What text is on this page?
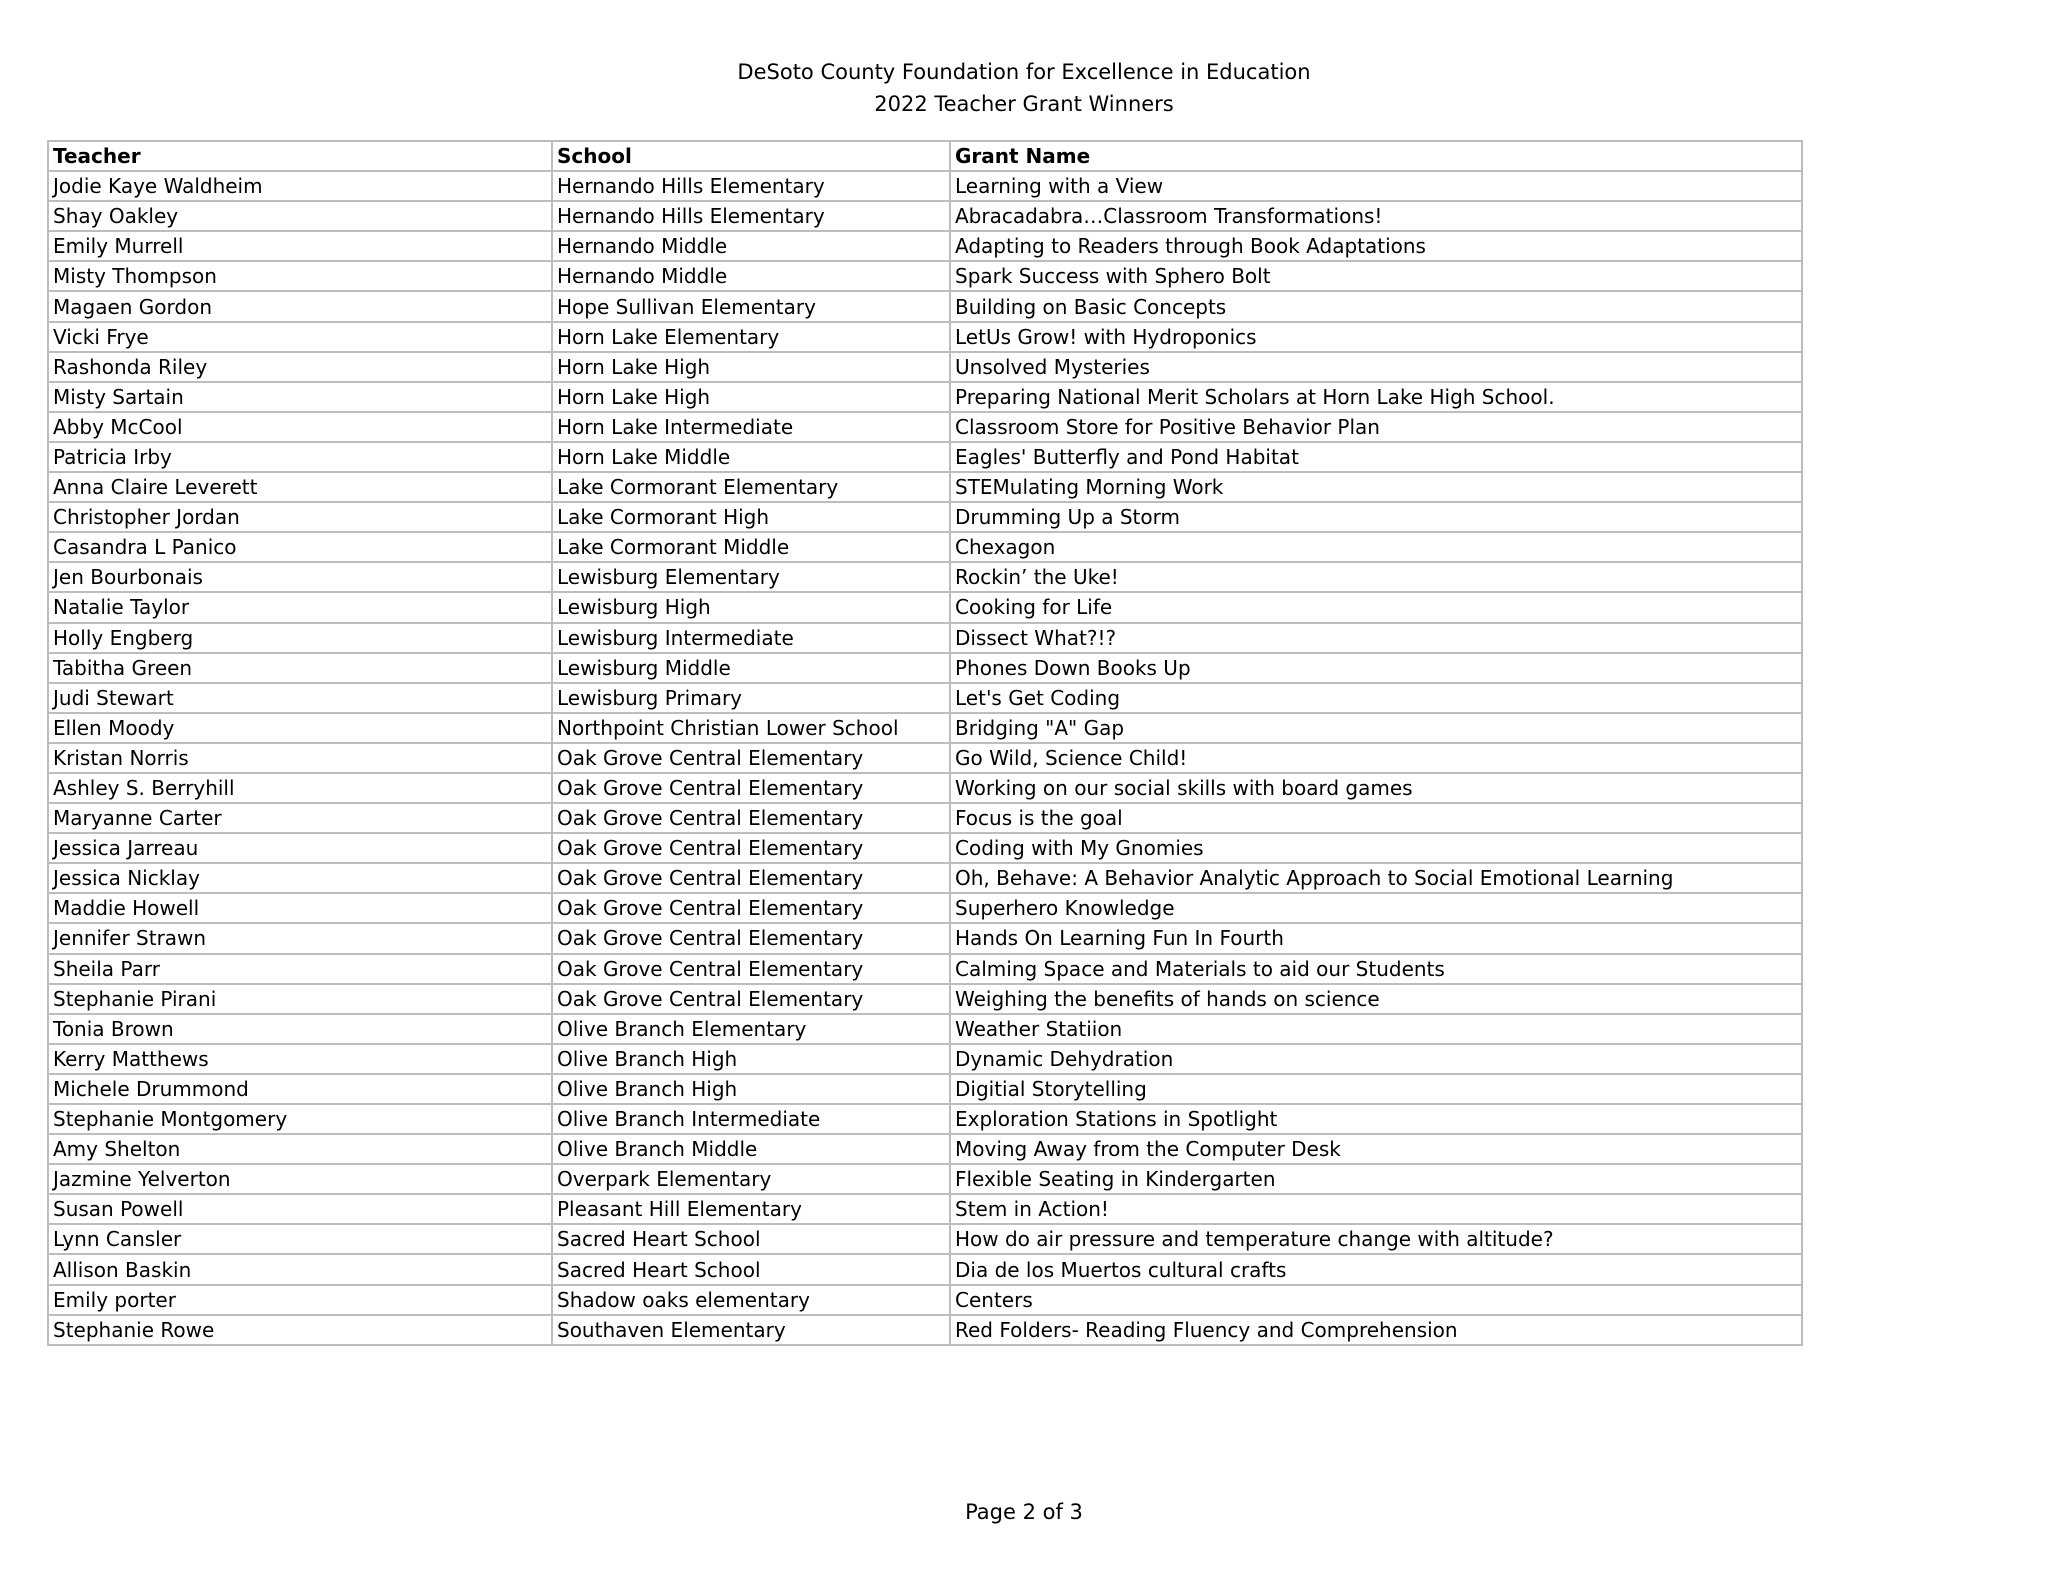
DeSoto County Foundation for Excellence in Education
2022 Teacher Grant Winners
Teacher	School	Grant Name
Jodie Kaye Waldheim	Hernando Hills Elementary	Learning with a View
Shay Oakley	Hernando Hills Elementary	Abracadabra…Classroom Transformations!
Emily Murrell	Hernando Middle	Adapting to Readers through Book Adaptations
Misty Thompson	Hernando Middle	Spark Success with Sphero Bolt
Magaen Gordon	Hope Sullivan Elementary	Building on Basic Concepts
Vicki Frye	Horn Lake Elementary	LetUs Grow! with Hydroponics
Rashonda Riley	Horn Lake High	Unsolved Mysteries
Misty Sartain	Horn Lake High	Preparing National Merit Scholars at Horn Lake High School.
Abby McCool	Horn Lake Intermediate	Classroom Store for Positive Behavior Plan
Patricia Irby	Horn Lake Middle	Eagles' Butterfly and Pond Habitat
Anna Claire Leverett	Lake Cormorant Elementary	STEMulating Morning Work
Christopher Jordan	Lake Cormorant High	Drumming Up a Storm
Casandra L Panico	Lake Cormorant Middle	Chexagon
Jen Bourbonais	Lewisburg Elementary	Rockin’ the Uke!
Natalie Taylor	Lewisburg High	Cooking for Life
Holly Engberg	Lewisburg Intermediate	Dissect What?!?
Tabitha Green	Lewisburg Middle	Phones Down Books Up
Judi Stewart	Lewisburg Primary	Let's Get Coding
Ellen Moody	Northpoint Christian Lower School	Bridging "A" Gap
Kristan Norris	Oak Grove Central Elementary	Go Wild, Science Child!
Ashley S. Berryhill	Oak Grove Central Elementary	Working on our social skills with board games
Maryanne Carter	Oak Grove Central Elementary	Focus is the goal
Jessica Jarreau	Oak Grove Central Elementary	Coding with My Gnomies
Jessica Nicklay	Oak Grove Central Elementary	Oh, Behave: A Behavior Analytic Approach to Social Emotional Learning
Maddie Howell	Oak Grove Central Elementary	Superhero Knowledge
Jennifer Strawn	Oak Grove Central Elementary	Hands On Learning Fun In Fourth
Sheila Parr	Oak Grove Central Elementary	Calming Space and Materials to aid our Students
Stephanie Pirani	Oak Grove Central Elementary	Weighing the benefits of hands on science
Tonia Brown	Olive Branch Elementary	Weather Statiion
Kerry Matthews	Olive Branch High	Dynamic Dehydration
Michele Drummond	Olive Branch High	Digitial Storytelling
Stephanie Montgomery	Olive Branch Intermediate	Exploration Stations in Spotlight
Amy Shelton	Olive Branch Middle	Moving Away from the Computer Desk
Jazmine Yelverton	Overpark Elementary	Flexible Seating in Kindergarten
Susan Powell	Pleasant Hill Elementary	Stem in Action!
Lynn Cansler	Sacred Heart School	How do air pressure and temperature change with altitude?
Allison Baskin	Sacred Heart School	Dia de los Muertos cultural crafts
Emily porter	Shadow oaks elementary	Centers
Stephanie Rowe	Southaven Elementary	Red Folders- Reading Fluency and Comprehension
Page 2 of 3
